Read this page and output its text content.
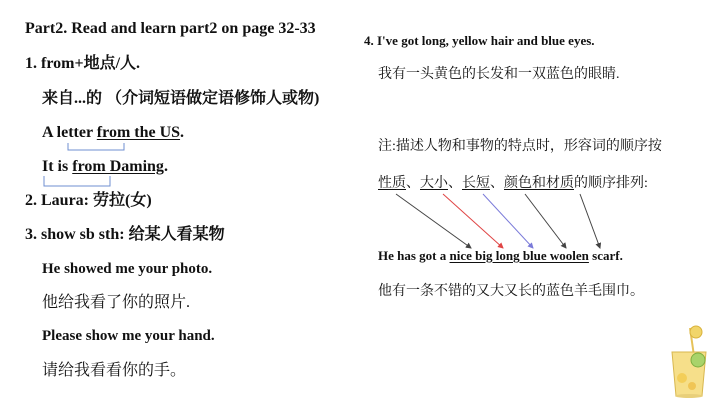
Part2. Read and learn part2 on page 32-33
1. from+地点/人.
来自...的 （介词短语做定语修饰人或物)
A letter from the US.
It is from Daming.
2. Laura: 劳拉(女)
3. show sb sth: 给某人看某物
He showed me your photo.
他给我看了你的照片.
Please show me your hand.
请给我看看你的手。
4. I've got long, yellow hair and blue eyes.
我有一头黄色的长发和一双蓝色的眼睛.
注:描述人物和事物的特点时，形容词的顺序按
性质、大小、长短、颜色和材质的顺序排列:
He has got a nice big long blue woolen scarf.
他有一条不错的又大又长的蓝色羊毛围巾。
